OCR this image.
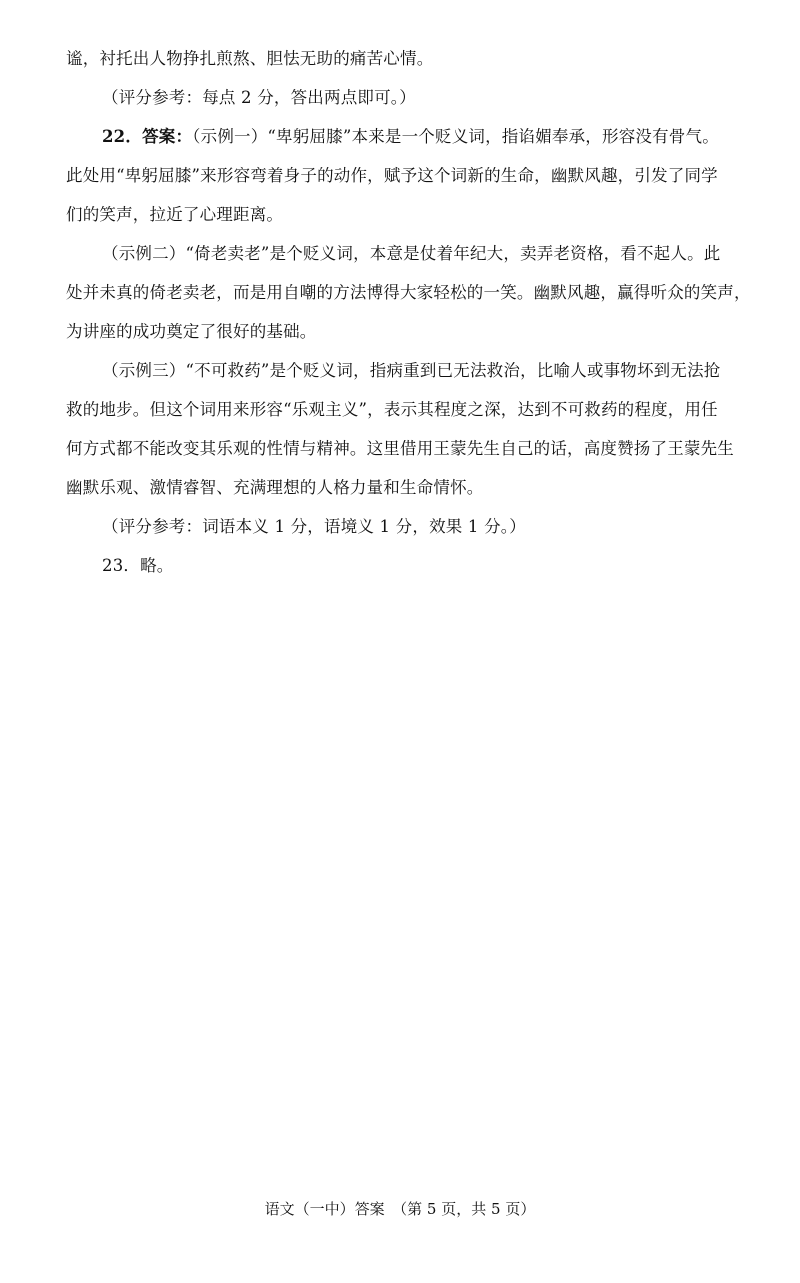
谧，衬托出人物挣扎煎熬、胆怯无助的痛苦心情。
（评分参考：每点 2 分，答出两点即可。）
22．答案：（示例一）“卑躬屈膝”本来是一个贬义词，指谄媚奉承，形容没有骨气。
此处用“卑躬屈膝”来形容弯着身子的动作，赋予这个词新的生命，幽默风趣，引发了同学
们的笑声，拉近了心理距离。
（示例二）“倚老卖老”是个贬义词，本意是仗着年纪大，卖弄老资格，看不起人。此
处并未真的倚老卖老，而是用自嘲的方法博得大家轻松的一笑。幽默风趣，赢得听众的笑声，
为讲座的成功奠定了很好的基础。
（示例三）“不可救药”是个贬义词，指病重到已无法救治，比喻人或事物坏到无法抢
救的地步。但这个词用来形容“乐观主义”，表示其程度之深，达到不可救药的程度，用任
何方式都不能改变其乐观的性情与精神。这里借用王蒙先生自己的话，高度赞扬了王蒙先生
幽默乐观、激情睿智、充满理想的人格力量和生命情怀。
（评分参考：词语本义 1 分，语境义 1 分，效果 1 分。）
23．略。
语文（一中）答案　（第 5 页，共 5 页）
